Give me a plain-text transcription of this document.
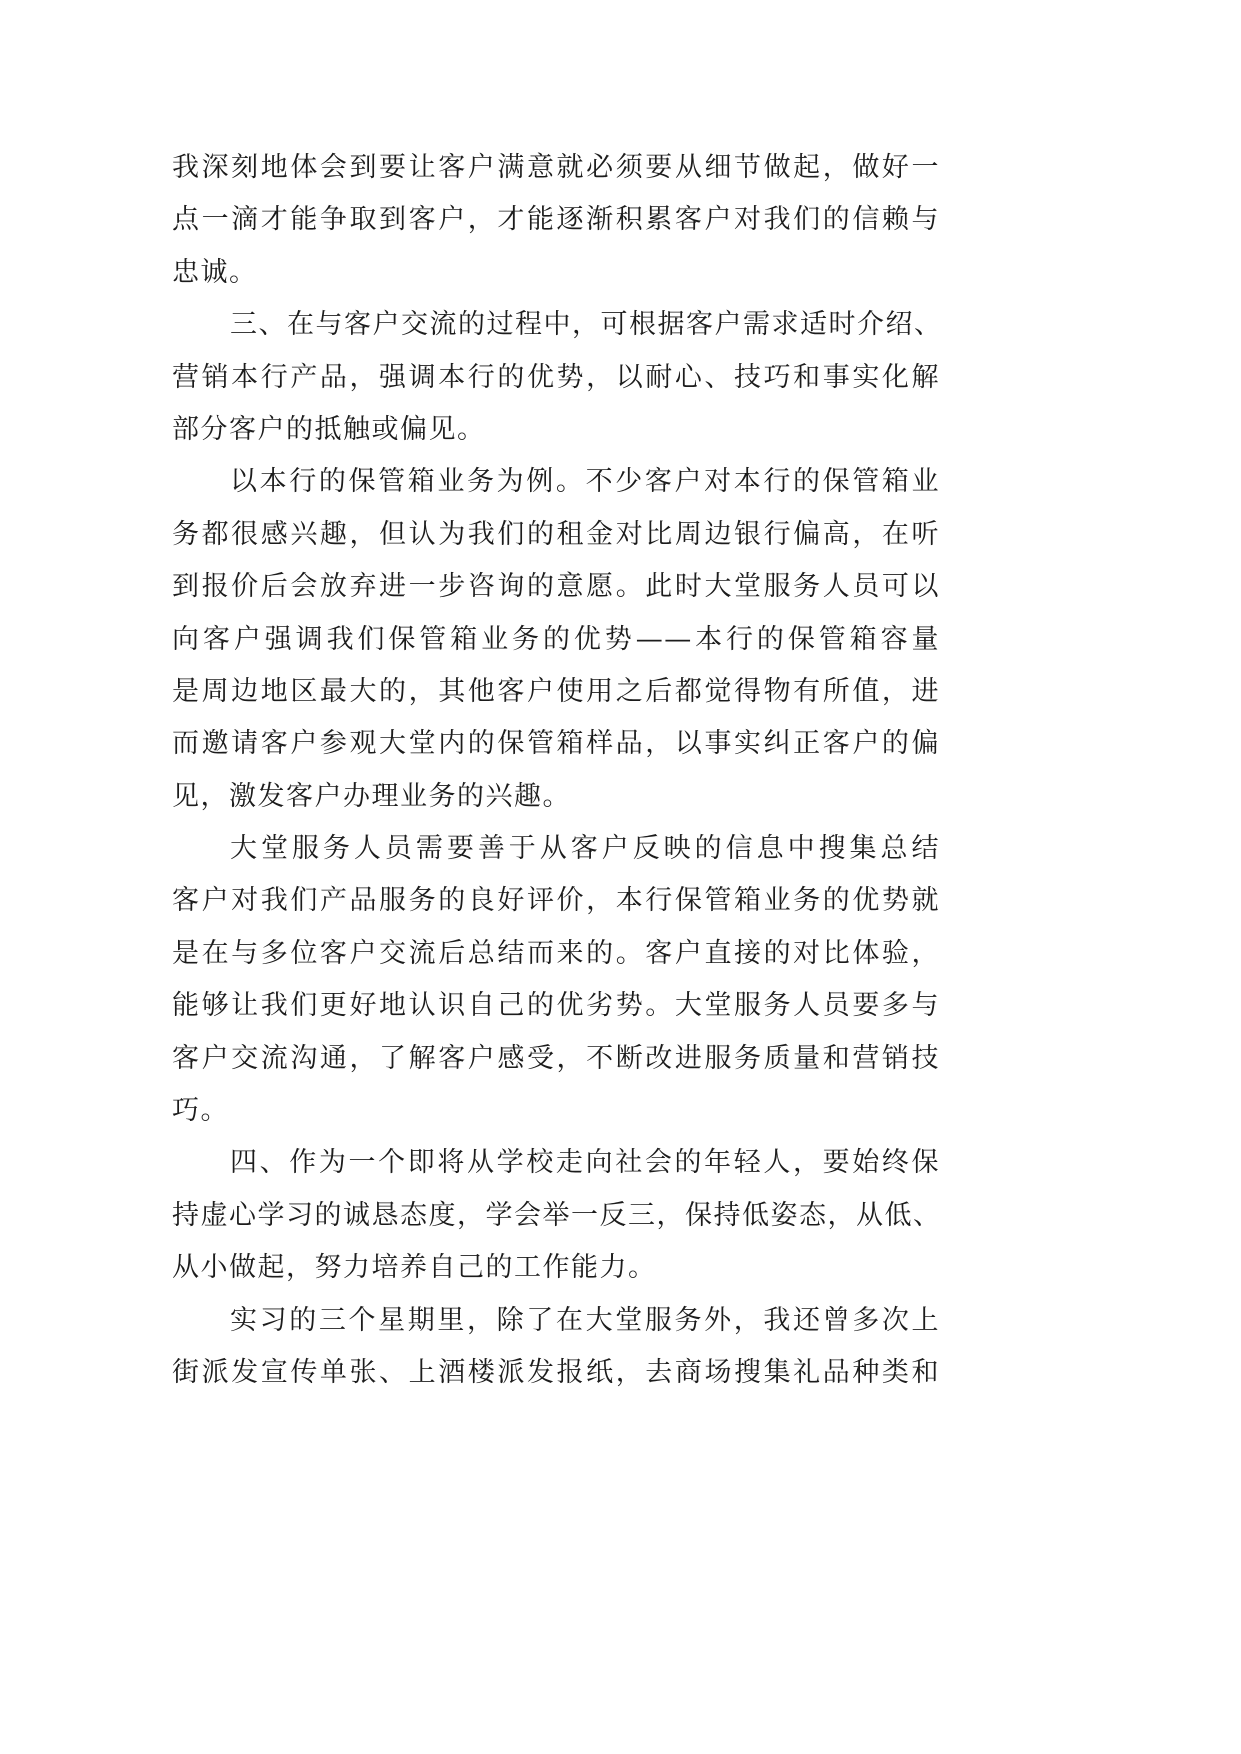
我深刻地体会到要让客户满意就必须要从细节做起，做好一
点一滴才能争取到客户，才能逐渐积累客户对我们的信赖与
忠诚。
三、在与客户交流的过程中，可根据客户需求适时介绍、
营销本行产品，强调本行的优势，以耐心、技巧和事实化解
部分客户的抵触或偏见。
以本行的保管箱业务为例。不少客户对本行的保管箱业
务都很感兴趣，但认为我们的租金对比周边银行偏高，在听
到报价后会放弃进一步咨询的意愿。此时大堂服务人员可以
向客户强调我们保管箱业务的优势——本行的保管箱容量
是周边地区最大的，其他客户使用之后都觉得物有所值，进
而邀请客户参观大堂内的保管箱样品，以事实纠正客户的偏
见，激发客户办理业务的兴趣。
大堂服务人员需要善于从客户反映的信息中搜集总结
客户对我们产品服务的良好评价，本行保管箱业务的优势就
是在与多位客户交流后总结而来的。客户直接的对比体验，
能够让我们更好地认识自己的优劣势。大堂服务人员要多与
客户交流沟通，了解客户感受，不断改进服务质量和营销技
巧。
四、作为一个即将从学校走向社会的年轻人，要始终保
持虚心学习的诚恳态度，学会举一反三，保持低姿态，从低、
从小做起，努力培养自己的工作能力。
实习的三个星期里，除了在大堂服务外，我还曾多次上
街派发宣传单张、上酒楼派发报纸，去商场搜集礼品种类和
